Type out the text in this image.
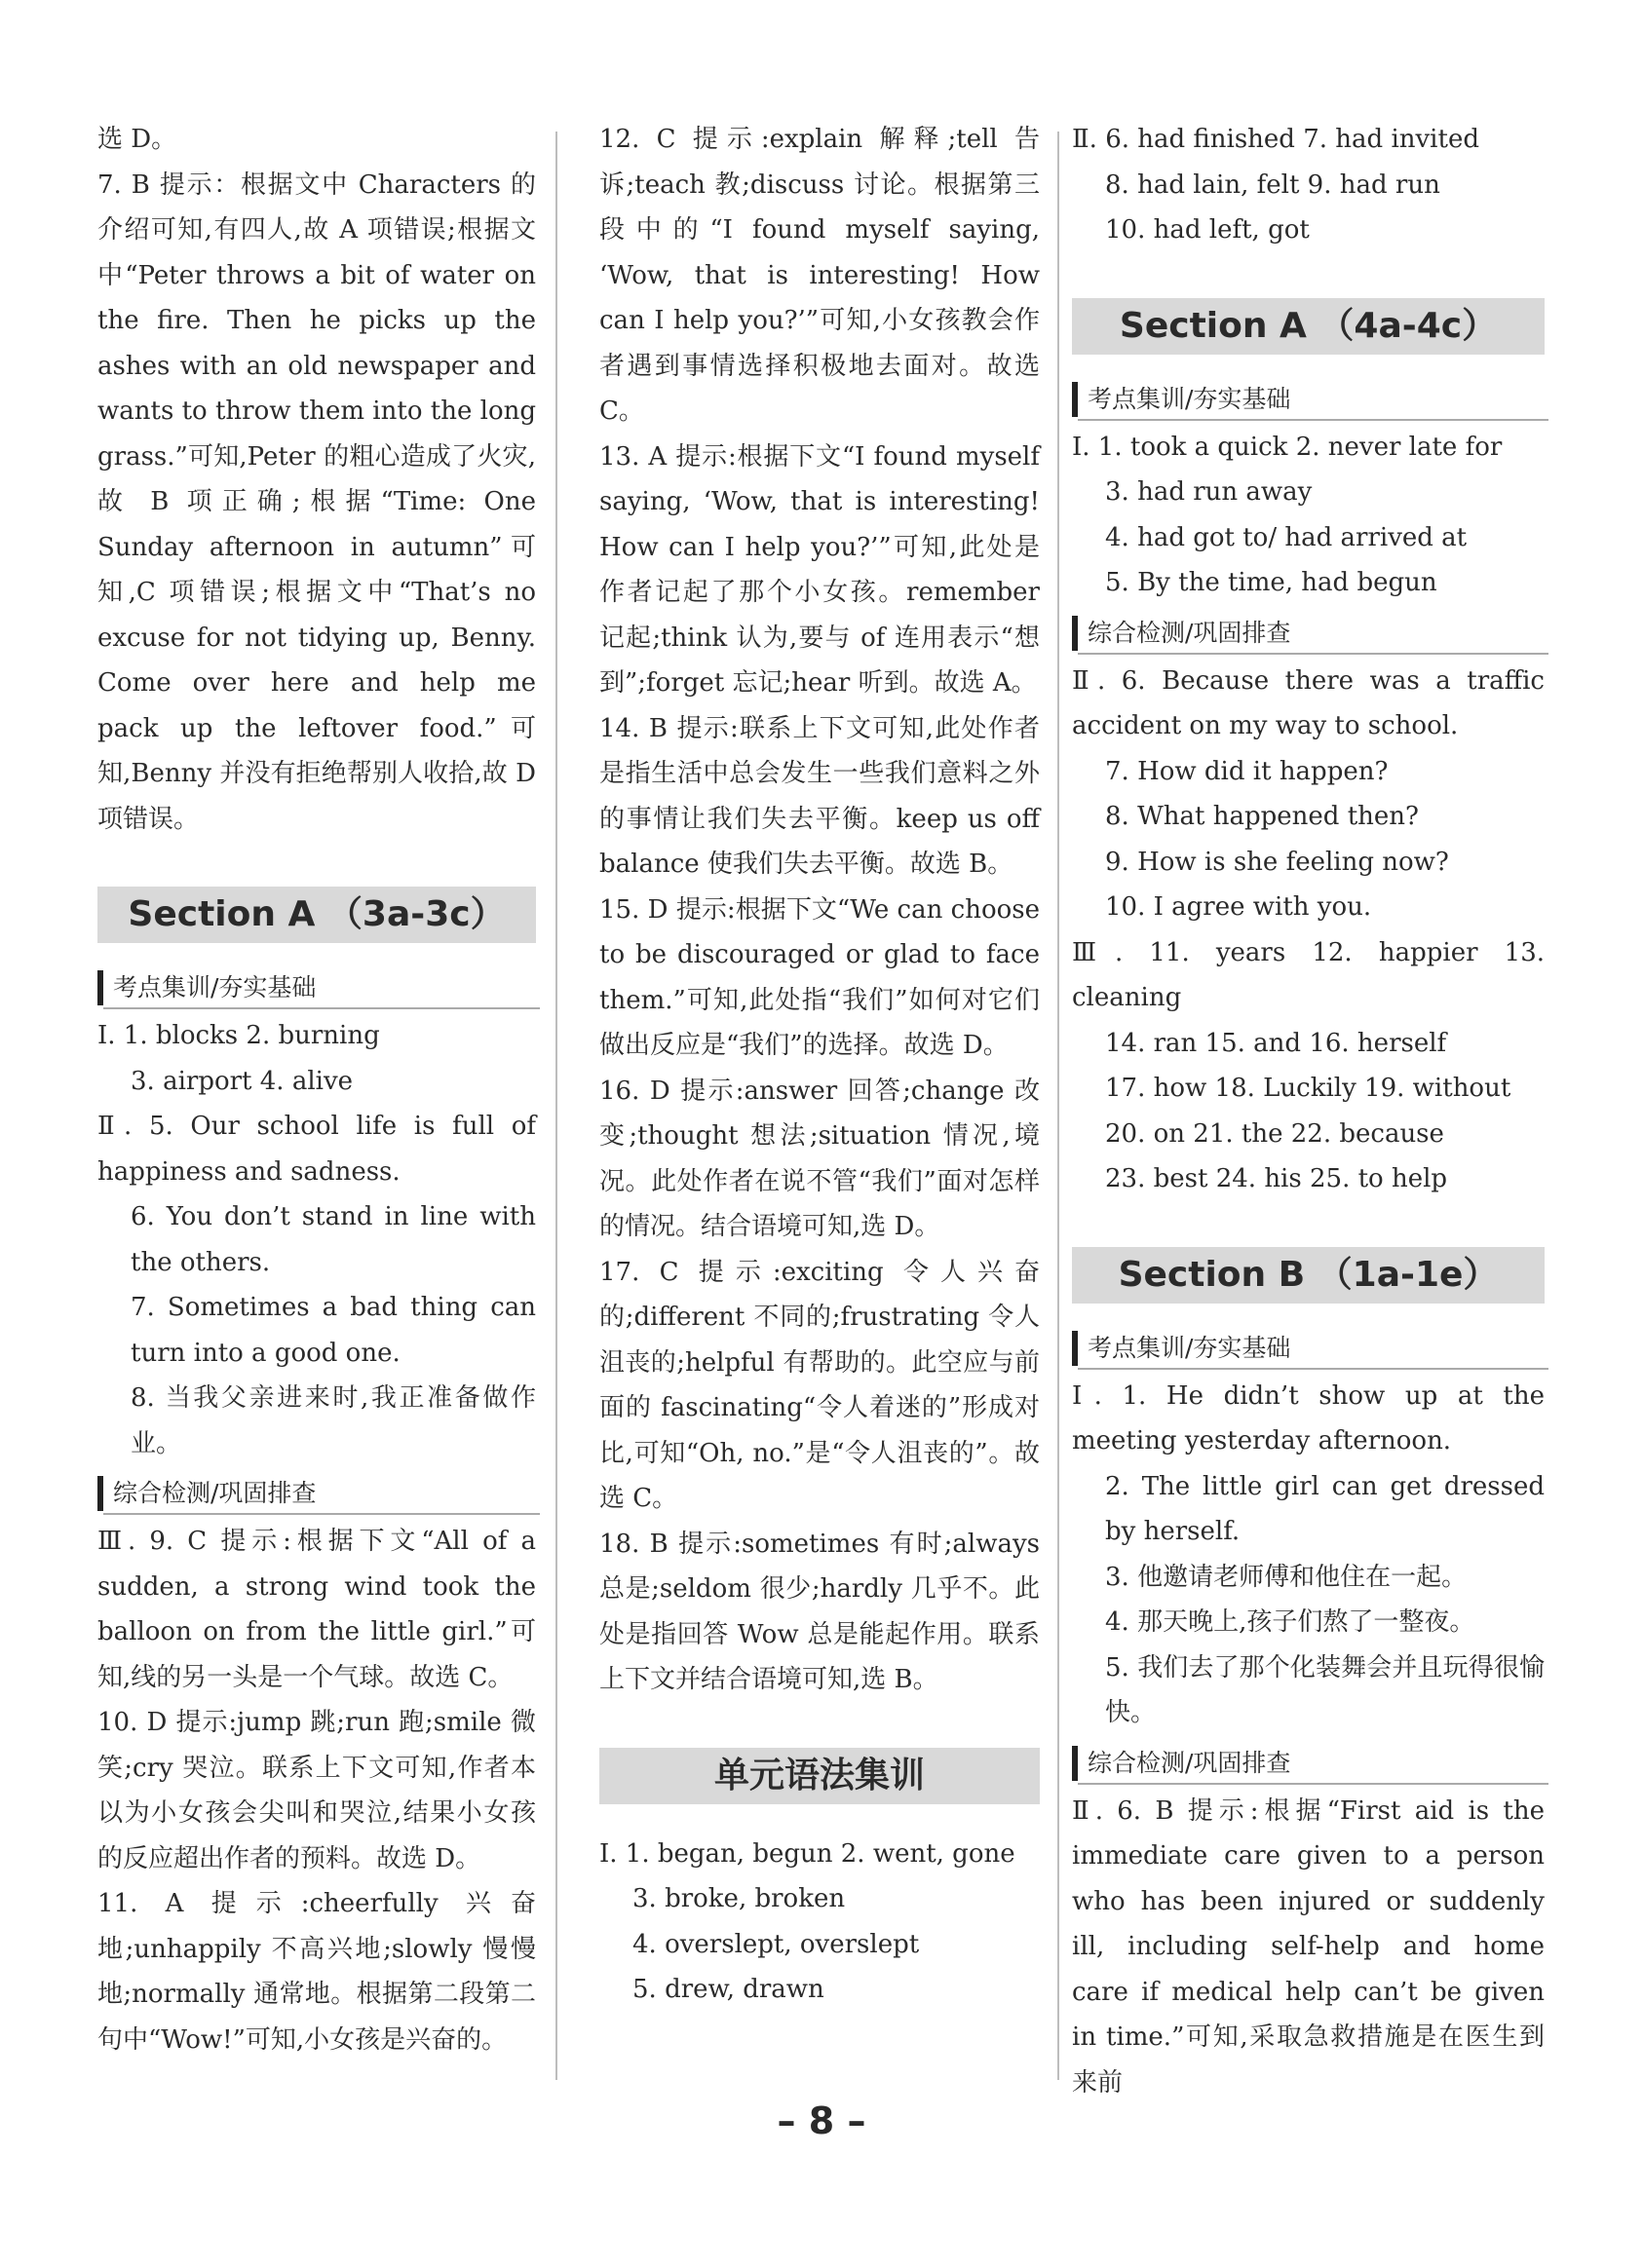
选 D。

7. B 提示：根据文中 Characters 的介绍可知,有四人,故 A 项错误;根据文中“Peter throws a bit of water on the fire. Then he picks up the ashes with an old newspaper and wants to throw them into the long grass.”可知,Peter 的粗心造成了火灾,故 B 项正确;根据“Time: One Sunday afternoon in autumn”可知,C 项错误;根据文中“That’s no excuse for not tidying up, Benny. Come over here and help me pack up the leftover food.”可知,Benny 并没有拒绝帮别人收拾,故 D 项错误。

Section A （3a-3c）
考点集训/夯实基础

Ⅰ. 1. blocks 2. burning

3. airport 4. alive

Ⅱ. 5. Our school life is full of happiness and sadness.

6. You don’t stand in line with the others.

7. Sometimes a bad thing can turn into a good one.

8. 当我父亲进来时,我正准备做作业。

综合检测/巩固排查

Ⅲ. 9. C 提示:根据下文“All of a sudden, a strong wind took the balloon on from the little girl.”可知,线的另一头是一个气球。故选 C。

10. D 提示:jump 跳;run 跑;smile 微笑;cry 哭泣。联系上下文可知,作者本以为小女孩会尖叫和哭泣,结果小女孩的反应超出作者的预料。故选 D。

11. A 提示:cheerfully 兴奋地;unhappily 不高兴地;slowly 慢慢地;normally 通常地。根据第二段第二句中“Wow!”可知,小女孩是兴奋的。

12. C 提示:explain 解释;tell 告诉;teach 教;discuss 讨论。根据第三段中的“I found myself saying, ‘Wow, that is interesting! How can I help you?’”可知,小女孩教会作者遇到事情选择积极地去面对。故选 C。

13. A 提示:根据下文“I found myself saying, ‘Wow, that is interesting! How can I help you?’”可知,此处是作者记起了那个小女孩。remember 记起;think 认为,要与 of 连用表示“想到”;forget 忘记;hear 听到。故选 A。

14. B 提示:联系上下文可知,此处作者是指生活中总会发生一些我们意料之外的事情让我们失去平衡。keep us off balance 使我们失去平衡。故选 B。

15. D 提示:根据下文“We can choose to be discouraged or glad to face them.”可知,此处指“我们”如何对它们做出反应是“我们”的选择。故选 D。

16. D 提示:answer 回答;change 改变;thought 想法;situation 情况,境况。此处作者在说不管“我们”面对怎样的情况。结合语境可知,选 D。

17. C 提示:exciting 令人兴奋的;different 不同的;frustrating 令人沮丧的;helpful 有帮助的。此空应与前面的 fascinating“令人着迷的”形成对比,可知“Oh, no.”是“令人沮丧的”。故选 C。

18. B 提示:sometimes 有时;always 总是;seldom 很少;hardly 几乎不。此处是指回答 Wow 总是能起作用。联系上下文并结合语境可知,选 B。

单元语法集训

Ⅰ. 1. began, begun 2. went, gone

3. broke, broken

4. overslept, overslept

5. drew, drawn

Ⅱ. 6. had finished 7. had invited

8. had lain, felt 9. had run

10. had left, got

Section A （4a-4c）
考点集训/夯实基础

Ⅰ. 1. took a quick 2. never late for

3. had run away

4. had got to/ had arrived at

5. By the time, had begun

综合检测/巩固排查

Ⅱ. 6. Because there was a traffic accident on my way to school.

7. How did it happen?

8. What happened then?

9. How is she feeling now?

10. I agree with you.

Ⅲ. 11. years 12. happier 13. cleaning

14. ran 15. and 16. herself

17. how 18. Luckily 19. without

20. on 21. the 22. because

23. best 24. his 25. to help

Section B （1a-1e）
考点集训/夯实基础

Ⅰ. 1. He didn’t show up at the meeting yesterday afternoon.

2. The little girl can get dressed by herself.

3. 他邀请老师傅和他住在一起。

4. 那天晚上,孩子们熬了一整夜。

5. 我们去了那个化装舞会并且玩得很愉快。

综合检测/巩固排查

Ⅱ. 6. B 提示:根据“First aid is the immediate care given to a person who has been injured or suddenly ill, including self-help and home care if medical help can’t be given in time.”可知,采取急救措施是在医生到来前

– 8 –
